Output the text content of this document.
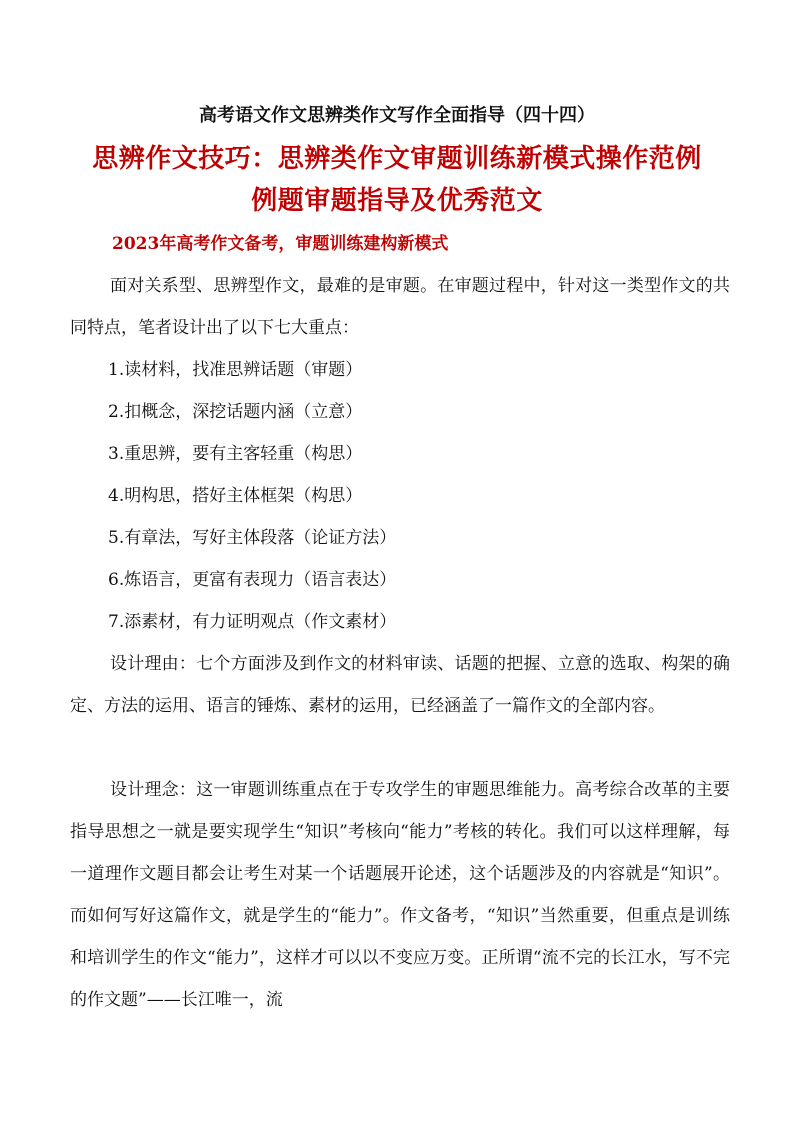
高考语文作文思辨类作文写作全面指导（四十四）
思辨作文技巧：思辨类作文审题训练新模式操作范例
例题审题指导及优秀范文
2023年高考作文备考，审题训练建构新模式

面对关系型、思辨型作文，最难的是审题。在审题过程中，针对这一类型作文的共同特点，笔者设计出了以下七大重点：

1.读材料，找准思辨话题（审题）
2.扣概念，深挖话题内涵（立意）
3.重思辨，要有主客轻重（构思）
4.明构思，搭好主体框架（构思）
5.有章法，写好主体段落（论证方法）
6.炼语言，更富有表现力（语言表达）
7.添素材，有力证明观点（作文素材）

设计理由：七个方面涉及到作文的材料审读、话题的把握、立意的选取、构架的确定、方法的运用、语言的锤炼、素材的运用，已经涵盖了一篇作文的全部内容。

设计理念：这一审题训练重点在于专攻学生的审题思维能力。高考综合改革的主要指导思想之一就是要实现学生“知识”考核向“能力”考核的转化。我们可以这样理解，每一道理作文题目都会让考生对某一个话题展开论述，这个话题涉及的内容就是“知识”。而如何写好这篇作文，就是学生的“能力”。作文备考，“知识”当然重要，但重点是训练和培训学生的作文“能力”，这样才可以以不变应万变。正所谓“流不完的长江水，写不完的作文题”——长江唯一，流
